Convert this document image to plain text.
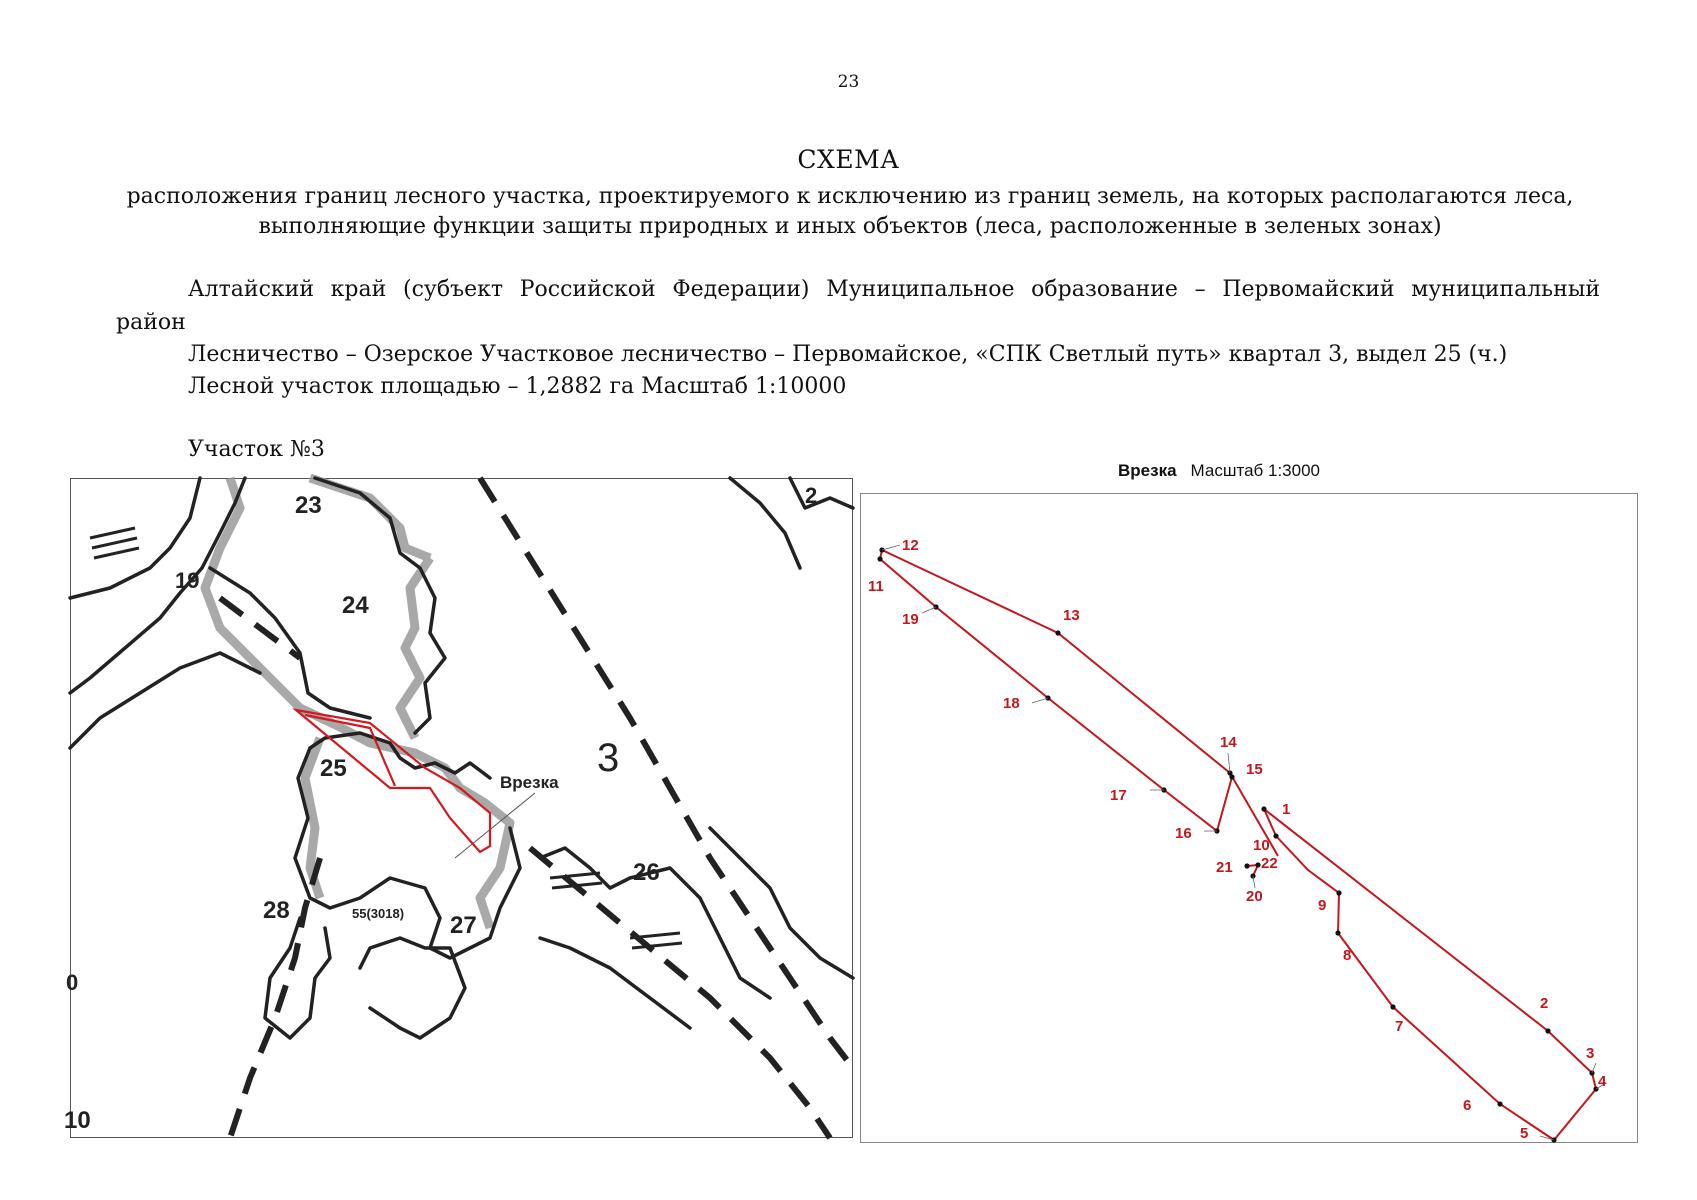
23
СХЕМА
расположения границ лесного участка, проектируемого к исключению из границ земель, на которых располагаются леса,
выполняющие функции защиты природных и иных объектов (леса, расположенные в зеленых зонах)
Алтайский край (субъект Российской Федерации) Муниципальное образование – Первомайский муниципальный
район
Лесничество – Озерское Участковое лесничество – Первомайское, «СПК Светлый путь» квартал 3, выдел 25 (ч.)
Лесной участок площадью – 1,2882 га Масштаб 1:10000
Участок №3
Врезка Масштаб 1:3000
23
19
24
25
26
27
28	55(3018)
3
2
0
10
Врезка
1
2
3
4
5
6
7
8
9
10
11
12
13
14
15
16
17
18
19
20
21 22
